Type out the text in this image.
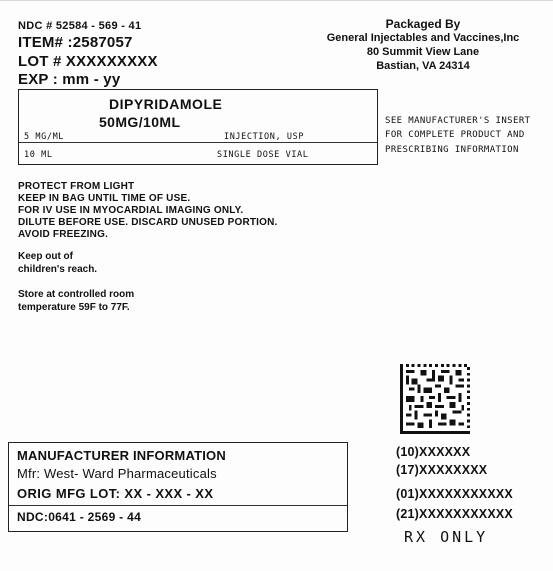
NDC # 52584 - 569 - 41
ITEM# :2587057
LOT # XXXXXXXXX
EXP : mm - yy
Packaged By
General Injectables and Vaccines,Inc
80 Summit View Lane
Bastian, VA 24314
DIPYRIDAMOLE
50MG/10ML
5 MG/ML	INJECTION, USP
10 ML	SINGLE DOSE VIAL
SEE MANUFACTURER'S INSERT
FOR COMPLETE PRODUCT AND
PRESCRIBING INFORMATION
PROTECT FROM LIGHT
KEEP IN BAG UNTIL TIME OF USE.
FOR IV USE IN MYOCARDIAL IMAGING ONLY.
DILUTE BEFORE USE. DISCARD UNUSED PORTION.
AVOID FREEZING.
Keep out of
children's reach.
Store at controlled room
temperature 59F to 77F.
MANUFACTURER INFORMATION
Mfr: West- Ward Pharmaceuticals
ORIG MFG LOT: XX - XXX - XX
NDC:0641 - 2569 - 44
(10)XXXXXX
(17)XXXXXXXX
(01)XXXXXXXXXXX
(21)XXXXXXXXXXX
RX ONLY
